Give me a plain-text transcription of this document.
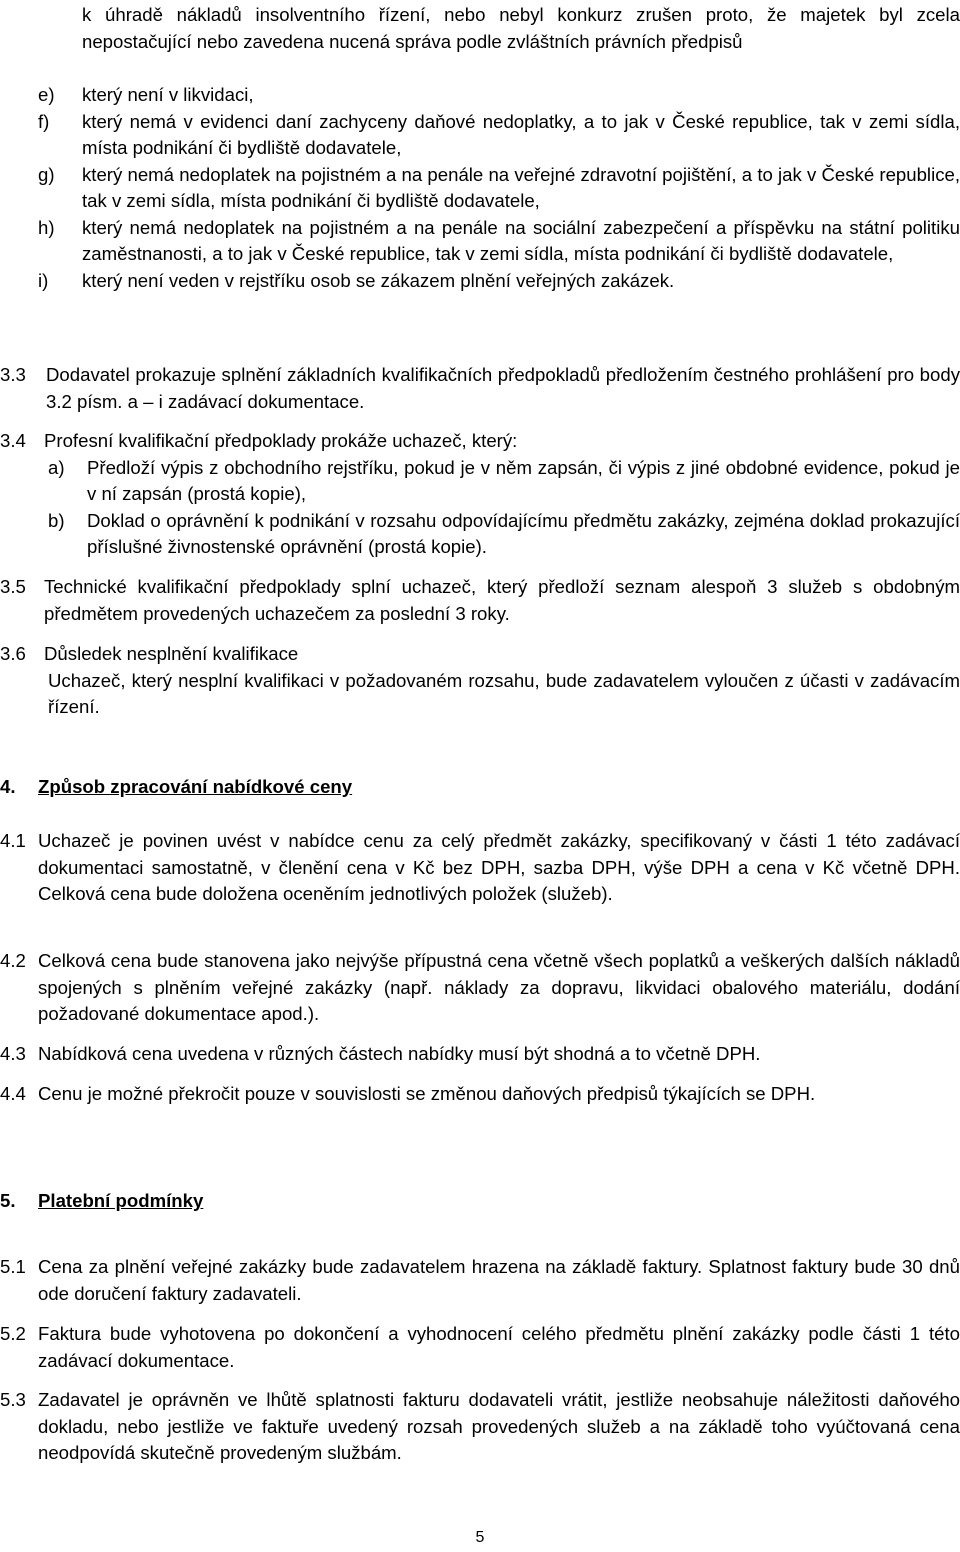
k úhradě nákladů insolventního řízení, nebo nebyl konkurz zrušen proto, že majetek byl zcela nepostačující nebo zavedena nucená správa podle zvláštních právních předpisů
e) který není v likvidaci,
f) který nemá v evidenci daní zachyceny daňové nedoplatky, a to jak v České republice, tak v zemi sídla, místa podnikání či bydliště dodavatele,
g) který nemá nedoplatek na pojistném a na penále na veřejné zdravotní pojištění, a to jak v České republice, tak v zemi sídla, místa podnikání či bydliště dodavatele,
h) který nemá nedoplatek na pojistném a na penále na sociální zabezpečení a příspěvku na státní politiku zaměstnanosti, a to jak v České republice, tak v zemi sídla, místa podnikání či bydliště dodavatele,
i) který není veden v rejstříku osob se zákazem plnění veřejných zakázek.
3.3 Dodavatel prokazuje splnění základních kvalifikačních předpokladů předložením čestného prohlášení pro body 3.2 písm. a – i zadávací dokumentace.
3.4 Profesní kvalifikační předpoklady prokáže uchazeč, který:
a) Předloží výpis z obchodního rejstříku, pokud je v něm zapsán, či výpis z jiné obdobné evidence, pokud je v ní zapsán (prostá kopie),
b) Doklad o oprávnění k podnikání v rozsahu odpovídajícímu předmětu zakázky, zejména doklad prokazující příslušné živnostenské oprávnění (prostá kopie).
3.5 Technické kvalifikační předpoklady splní uchazeč, který předloží seznam alespoň 3 služeb s obdobným předmětem provedených uchazečem za poslední 3 roky.
3.6 Důsledek nesplnění kvalifikace
Uchazeč, který nesplní kvalifikaci v požadovaném rozsahu, bude zadavatelem vyloučen z účasti v zadávacím řízení.
4. Způsob zpracování nabídkové ceny
4.1 Uchazeč je povinen uvést v nabídce cenu za celý předmět zakázky, specifikovaný v části 1 této zadávací dokumentaci samostatně, v členění cena v Kč bez DPH, sazba DPH, výše DPH a cena v Kč včetně DPH. Celková cena bude doložena oceněním jednotlivých položek (služeb).
4.2 Celková cena bude stanovena jako nejvýše přípustná cena včetně všech poplatků a veškerých dalších nákladů spojených s plněním veřejné zakázky (např. náklady za dopravu, likvidaci obalového materiálu, dodání požadované dokumentace apod.).
4.3 Nabídková cena uvedena v různých částech nabídky musí být shodná a to včetně DPH.
4.4 Cenu je možné překročit pouze v souvislosti se změnou daňových předpisů týkajících se DPH.
5. Platební podmínky
5.1 Cena za plnění veřejné zakázky bude zadavatelem hrazena na základě faktury. Splatnost faktury bude 30 dnů ode doručení faktury zadavateli.
5.2 Faktura bude vyhotovena po dokončení a vyhodnocení celého předmětu plnění zakázky podle části 1 této zadávací dokumentace.
5.3 Zadavatel je oprávněn ve lhůtě splatnosti fakturu dodavateli vrátit, jestliže neobsahuje náležitosti daňového dokladu, nebo jestliže ve faktuře uvedený rozsah provedených služeb a na základě toho vyúčtovaná cena neodpovídá skutečně provedeným službám.
5
